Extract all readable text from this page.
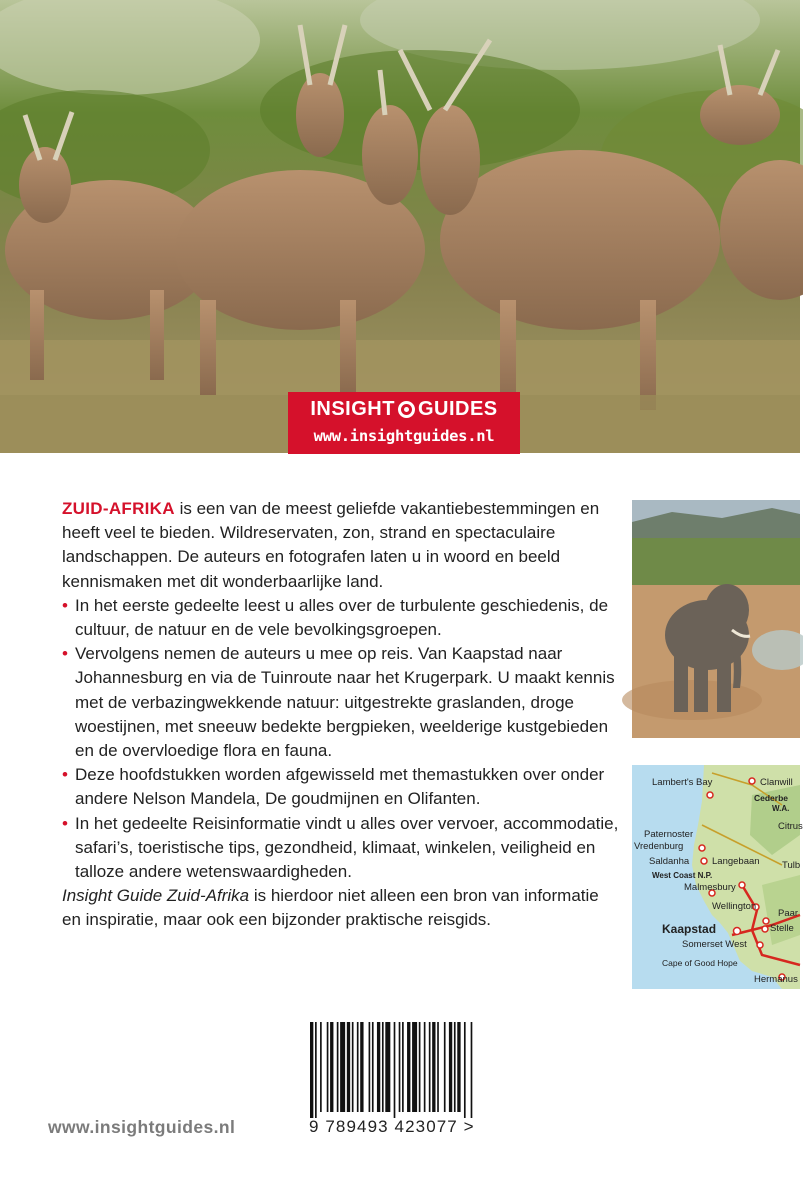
INSIGHT GUIDES
www.insightguides.nl

ZUID-AFRIKA is een van de meest geliefde vakantiebestemmingen en heeft veel te bieden. Wildreservaten, zon, strand en spectaculaire landschappen. De auteurs en fotografen laten u in woord en beeld kennismaken met dit wonderbaarlijke land.

• In het eerste gedeelte leest u alles over de turbulente geschiedenis, de cultuur, de natuur en de vele bevolkingsgroepen.
• Vervolgens nemen de auteurs u mee op reis. Van Kaapstad naar Johannesburg en via de Tuinroute naar het Krugerpark. U maakt kennis met de verbazingwekkende natuur: uitgestrekte graslanden, droge woestijnen, met sneeuw bedekte bergpieken, weelderige kustgebieden en de overvloedige flora en fauna.
• Deze hoofdstukken worden afgewisseld met themastukken over onder andere Nelson Mandela, De goudmijnen en Olifanten.
• In het gedeelte Reisinformatie vindt u alles over vervoer, accommodatie, safari’s, toeristische tips, gezondheid, klimaat, winkelen, veiligheid en talloze andere wetenswaardigheden.

Insight Guide Zuid-Afrika is hierdoor niet alleen een bron van informatie en inspiratie, maar ook een bijzonder praktische reisgids.

Lambert's Bay	Clanwill
Cederbe
W.A.
Citrus
Paternoster
Vredenburg
Saldanha Langebaan Tulb
West Coast N.P.
Malmesbury
Wellington
Paar
Kaapstad	Stelle
Somerset West
Cape of Good Hope
Hermanus
9 789493 423077 >
www.insightguides.nl
